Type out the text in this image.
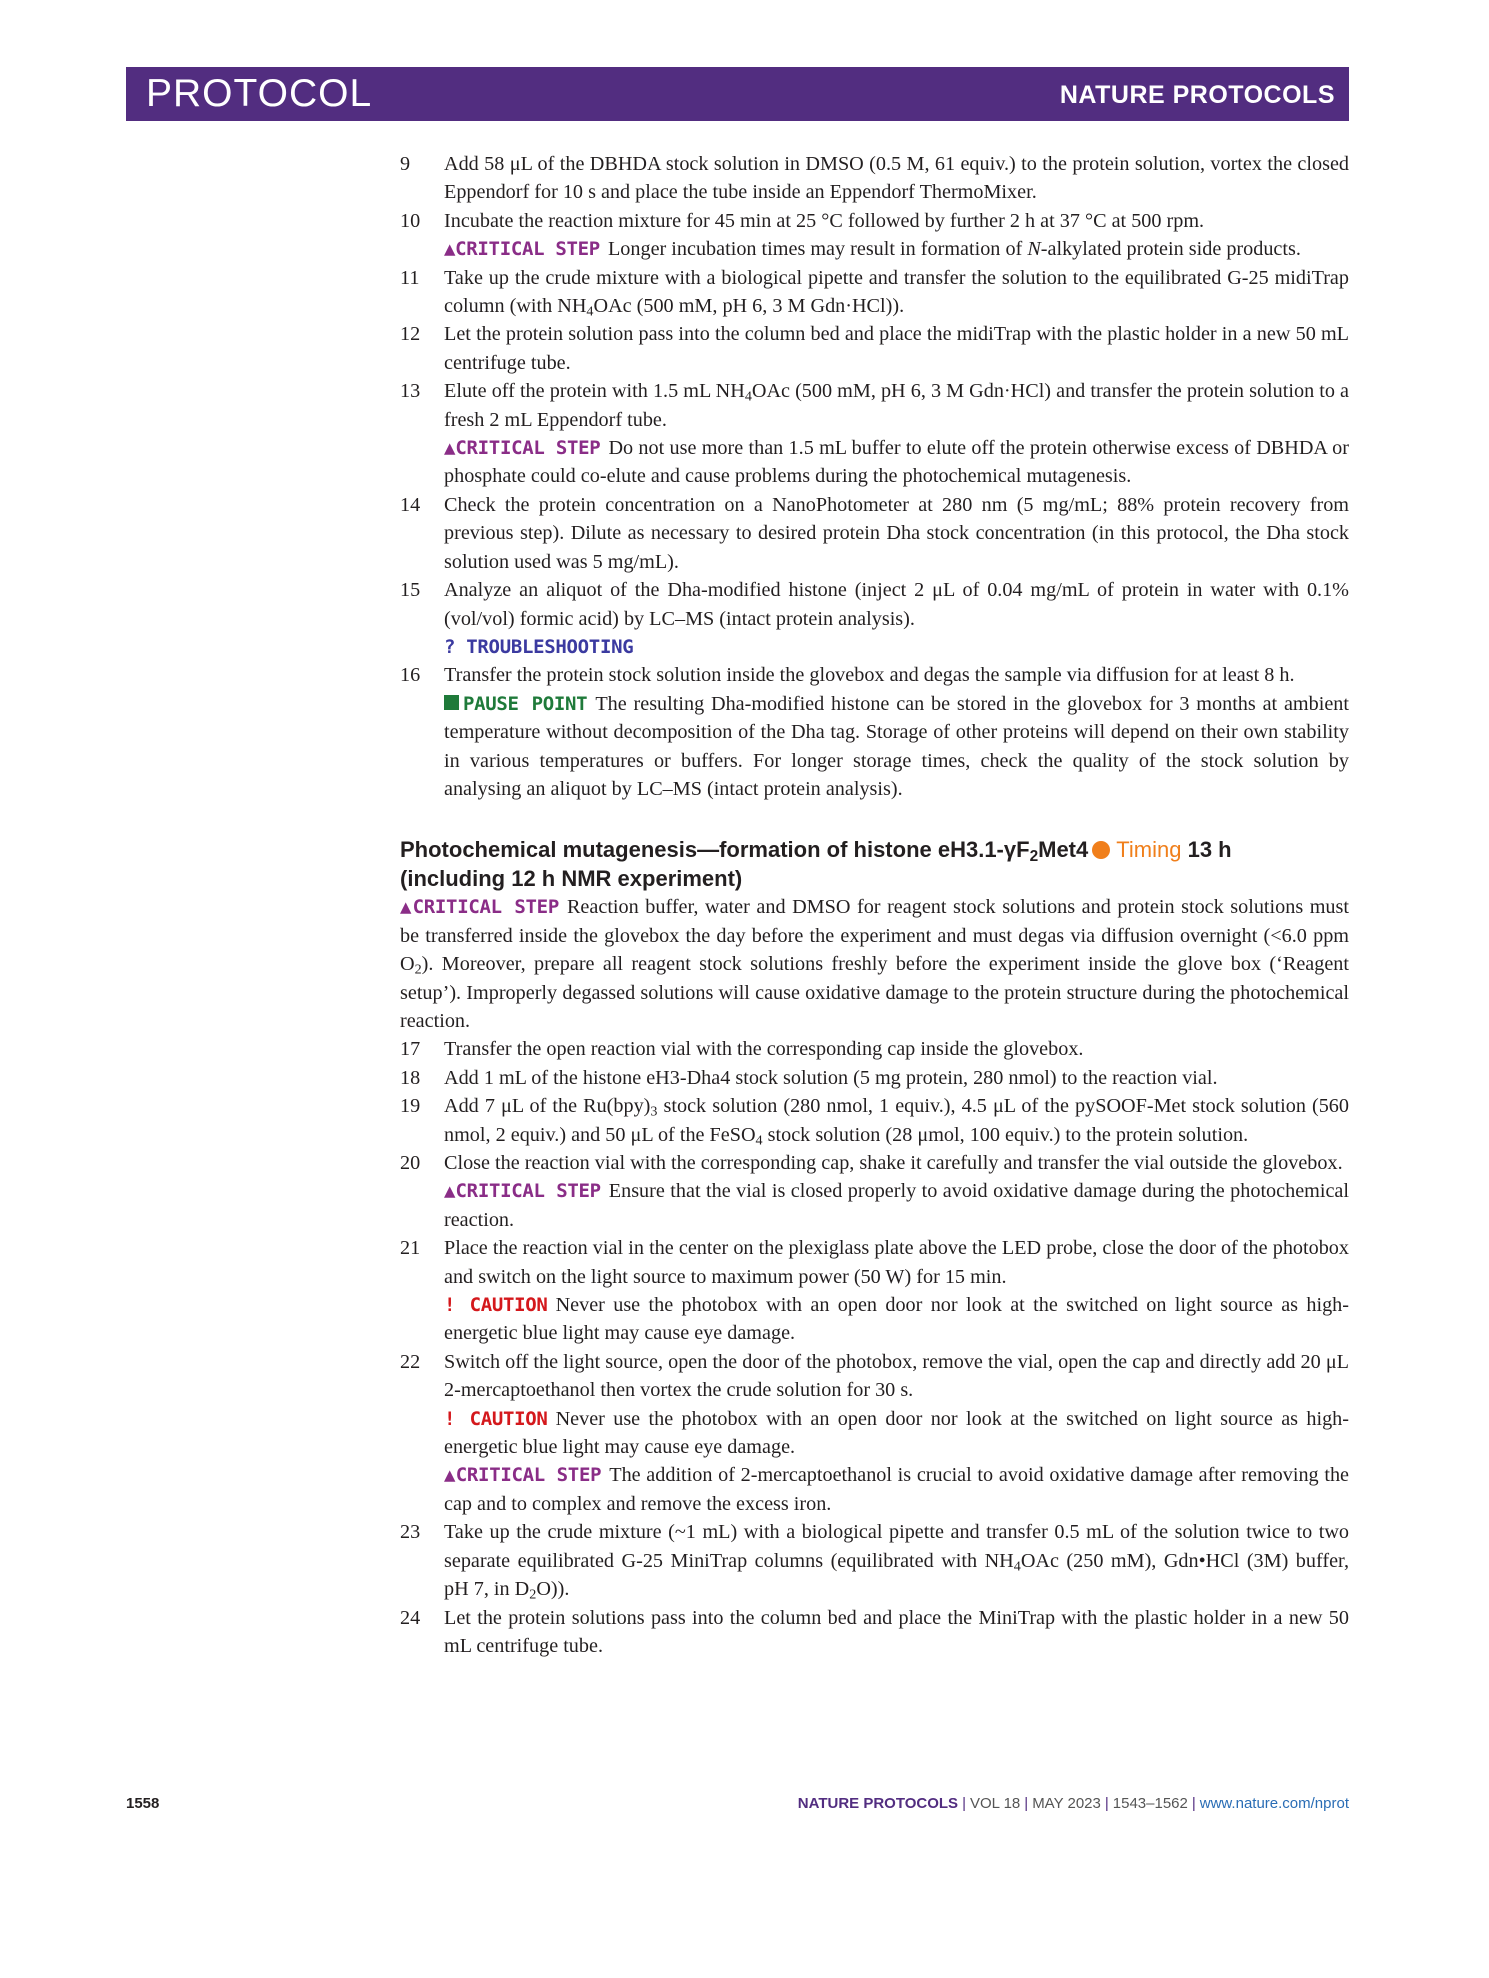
PROTOCOL	NATURE PROTOCOLS
9 Add 58 μL of the DBHDA stock solution in DMSO (0.5 M, 61 equiv.) to the protein solution, vortex the closed Eppendorf for 10 s and place the tube inside an Eppendorf ThermoMixer.
10 Incubate the reaction mixture for 45 min at 25 °C followed by further 2 h at 37 °C at 500 rpm.
▲CRITICAL STEP Longer incubation times may result in formation of N-alkylated protein side products.
11 Take up the crude mixture with a biological pipette and transfer the solution to the equilibrated G-25 midiTrap column (with $NH_4OAc$ (500 mM, pH 6, 3 M Gdn·HCl)).
12 Let the protein solution pass into the column bed and place the midiTrap with the plastic holder in a new 50 mL centrifuge tube.
13 Elute off the protein with 1.5 mL $NH_4OAc$ (500 mM, pH 6, 3 M Gdn·HCl) and transfer the protein solution to a fresh 2 mL Eppendorf tube.
▲CRITICAL STEP Do not use more than 1.5 mL buffer to elute off the protein otherwise excess of DBHDA or phosphate could co-elute and cause problems during the photochemical mutagenesis.
14 Check the protein concentration on a NanoPhotometer at 280 nm (5 mg/mL; 88% protein recovery from previous step). Dilute as necessary to desired protein Dha stock concentration (in this protocol, the Dha stock solution used was 5 mg/mL).
15 Analyze an aliquot of the Dha-modified histone (inject 2 μL of 0.04 mg/mL of protein in water with 0.1% (vol/vol) formic acid) by LC–MS (intact protein analysis).
? TROUBLESHOOTING
16 Transfer the protein stock solution inside the glovebox and degas the sample via diffusion for at least 8 h.
PAUSE POINT The resulting Dha-modified histone can be stored in the glovebox for 3 months at ambient temperature without decomposition of the Dha tag. Storage of other proteins will depend on their own stability in various temperatures or buffers. For longer storage times, check the quality of the stock solution by analysing an aliquot by LC–MS (intact protein analysis).
Photochemical mutagenesis—formation of histone $eH3.1-\gamma F_2Met4$ Timing 13 h
(including 12 h NMR experiment)
▲CRITICAL STEP Reaction buffer, water and DMSO for reagent stock solutions and protein stock solutions must be transferred inside the glovebox the day before the experiment and must degas via diffusion overnight (<6.0 ppm $O_2$). Moreover, prepare all reagent stock solutions freshly before the experiment inside the glove box (‘Reagent setup’). Improperly degassed solutions will cause oxidative damage to the protein structure during the photochemical reaction.
17 Transfer the open reaction vial with the corresponding cap inside the glovebox.
18 Add 1 mL of the histone eH3-Dha4 stock solution (5 mg protein, 280 nmol) to the reaction vial.
19 Add 7 μL of the $Ru(bpy)_3$ stock solution (280 nmol, 1 equiv.), 4.5 μL of the pySOOF-Met stock solution (560 nmol, 2 equiv.) and 50 μL of the FeSO$_4$ stock solution (28 μmol, 100 equiv.) to the protein solution.
20 Close the reaction vial with the corresponding cap, shake it carefully and transfer the vial outside the glovebox.
▲CRITICAL STEP Ensure that the vial is closed properly to avoid oxidative damage during the photochemical reaction.
21 Place the reaction vial in the center on the plexiglass plate above the LED probe, close the door of the photobox and switch on the light source to maximum power (50 W) for 15 min.
! CAUTION Never use the photobox with an open door nor look at the switched on light source as high-energetic blue light may cause eye damage.
22 Switch off the light source, open the door of the photobox, remove the vial, open the cap and directly add 20 μL 2-mercaptoethanol then vortex the crude solution for 30 s.
! CAUTION Never use the photobox with an open door nor look at the switched on light source as high-energetic blue light may cause eye damage.
▲CRITICAL STEP The addition of 2-mercaptoethanol is crucial to avoid oxidative damage after removing the cap and to complex and remove the excess iron.
23 Take up the crude mixture (~1 mL) with a biological pipette and transfer 0.5 mL of the solution twice to two separate equilibrated G-25 MiniTrap columns (equilibrated with $NH_4OAc$ (250 mM), Gdn•HCl (3M) buffer, pH 7, in $D_2O$)).
24 Let the protein solutions pass into the column bed and place the MiniTrap with the plastic holder in a new 50 mL centrifuge tube.
1558	NATURE PROTOCOLS | VOL 18 | MAY 2023 | 1543–1562 | www.nature.com/nprot
